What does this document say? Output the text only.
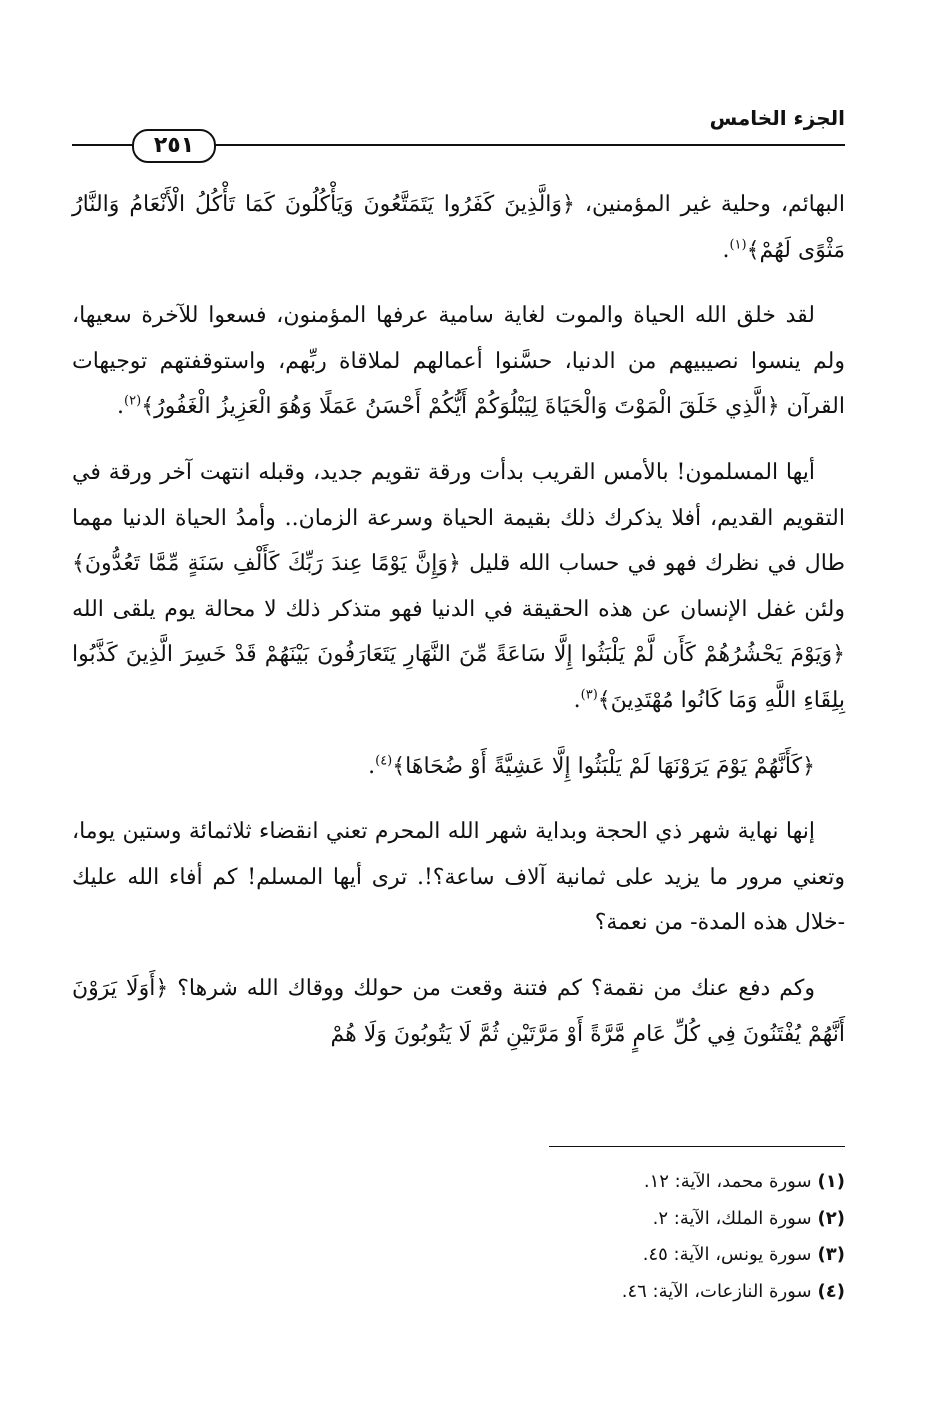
الجزء الخامس
٢٥١

البهائم، وحلية غير المؤمنين، ﴿وَالَّذِينَ كَفَرُوا يَتَمَتَّعُونَ وَيَأْكُلُونَ كَمَا تَأْكُلُ الْأَنْعَامُ وَالنَّارُ مَثْوًى لَهُمْ﴾$^{(١)}$.

لقد خلق الله الحياة والموت لغاية سامية عرفها المؤمنون، فسعوا للآخرة سعيها، ولم ينسوا نصيبيهم من الدنيا، حسَّنوا أعمالهم لملاقاة ربِّهم، واستوقفتهم توجيهات القرآن ﴿الَّذِي خَلَقَ الْمَوْتَ وَالْحَيَاةَ لِيَبْلُوَكُمْ أَيُّكُمْ أَحْسَنُ عَمَلًا وَهُوَ الْعَزِيزُ الْغَفُورُ﴾$^{(٢)}$.

أيها المسلمون! بالأمس القريب بدأت ورقة تقويم جديد، وقبله انتهت آخر ورقة في التقويم القديم، أفلا يذكرك ذلك بقيمة الحياة وسرعة الزمان.. وأمدُ الحياة الدنيا مهما طال في نظرك فهو في حساب الله قليل ﴿وَإِنَّ يَوْمًا عِندَ رَبِّكَ كَأَلْفِ سَنَةٍ مِّمَّا تَعُدُّونَ﴾ ولئن غفل الإنسان عن هذه الحقيقة في الدنيا فهو متذكر ذلك لا محالة يوم يلقى الله ﴿وَيَوْمَ يَحْشُرُهُمْ كَأَن لَّمْ يَلْبَثُوا إِلَّا سَاعَةً مِّنَ النَّهَارِ يَتَعَارَفُونَ بَيْنَهُمْ قَدْ خَسِرَ الَّذِينَ كَذَّبُوا بِلِقَاءِ اللَّهِ وَمَا كَانُوا مُهْتَدِينَ﴾$^{(٣)}$.

﴿كَأَنَّهُمْ يَوْمَ يَرَوْنَهَا لَمْ يَلْبَثُوا إِلَّا عَشِيَّةً أَوْ ضُحَاهَا﴾$^{(٤)}$.

إنها نهاية شهر ذي الحجة وبداية شهر الله المحرم تعني انقضاء ثلاثمائة وستين يوما، وتعني مرور ما يزيد على ثمانية آلاف ساعة؟!. ترى أيها المسلم! كم أفاء الله عليك -خلال هذه المدة- من نعمة؟

وكم دفع عنك من نقمة؟ كم فتنة وقعت من حولك ووقاك الله شرها؟ ﴿أَوَلَا يَرَوْنَ أَنَّهُمْ يُفْتَنُونَ فِي كُلِّ عَامٍ مَّرَّةً أَوْ مَرَّتَيْنِ ثُمَّ لَا يَتُوبُونَ وَلَا هُمْ

(١)سورة محمد، الآية: ١٢.
(٢)سورة الملك، الآية: ٢.
(٣)سورة يونس، الآية: ٤٥.
(٤)سورة النازعات، الآية: ٤٦.
